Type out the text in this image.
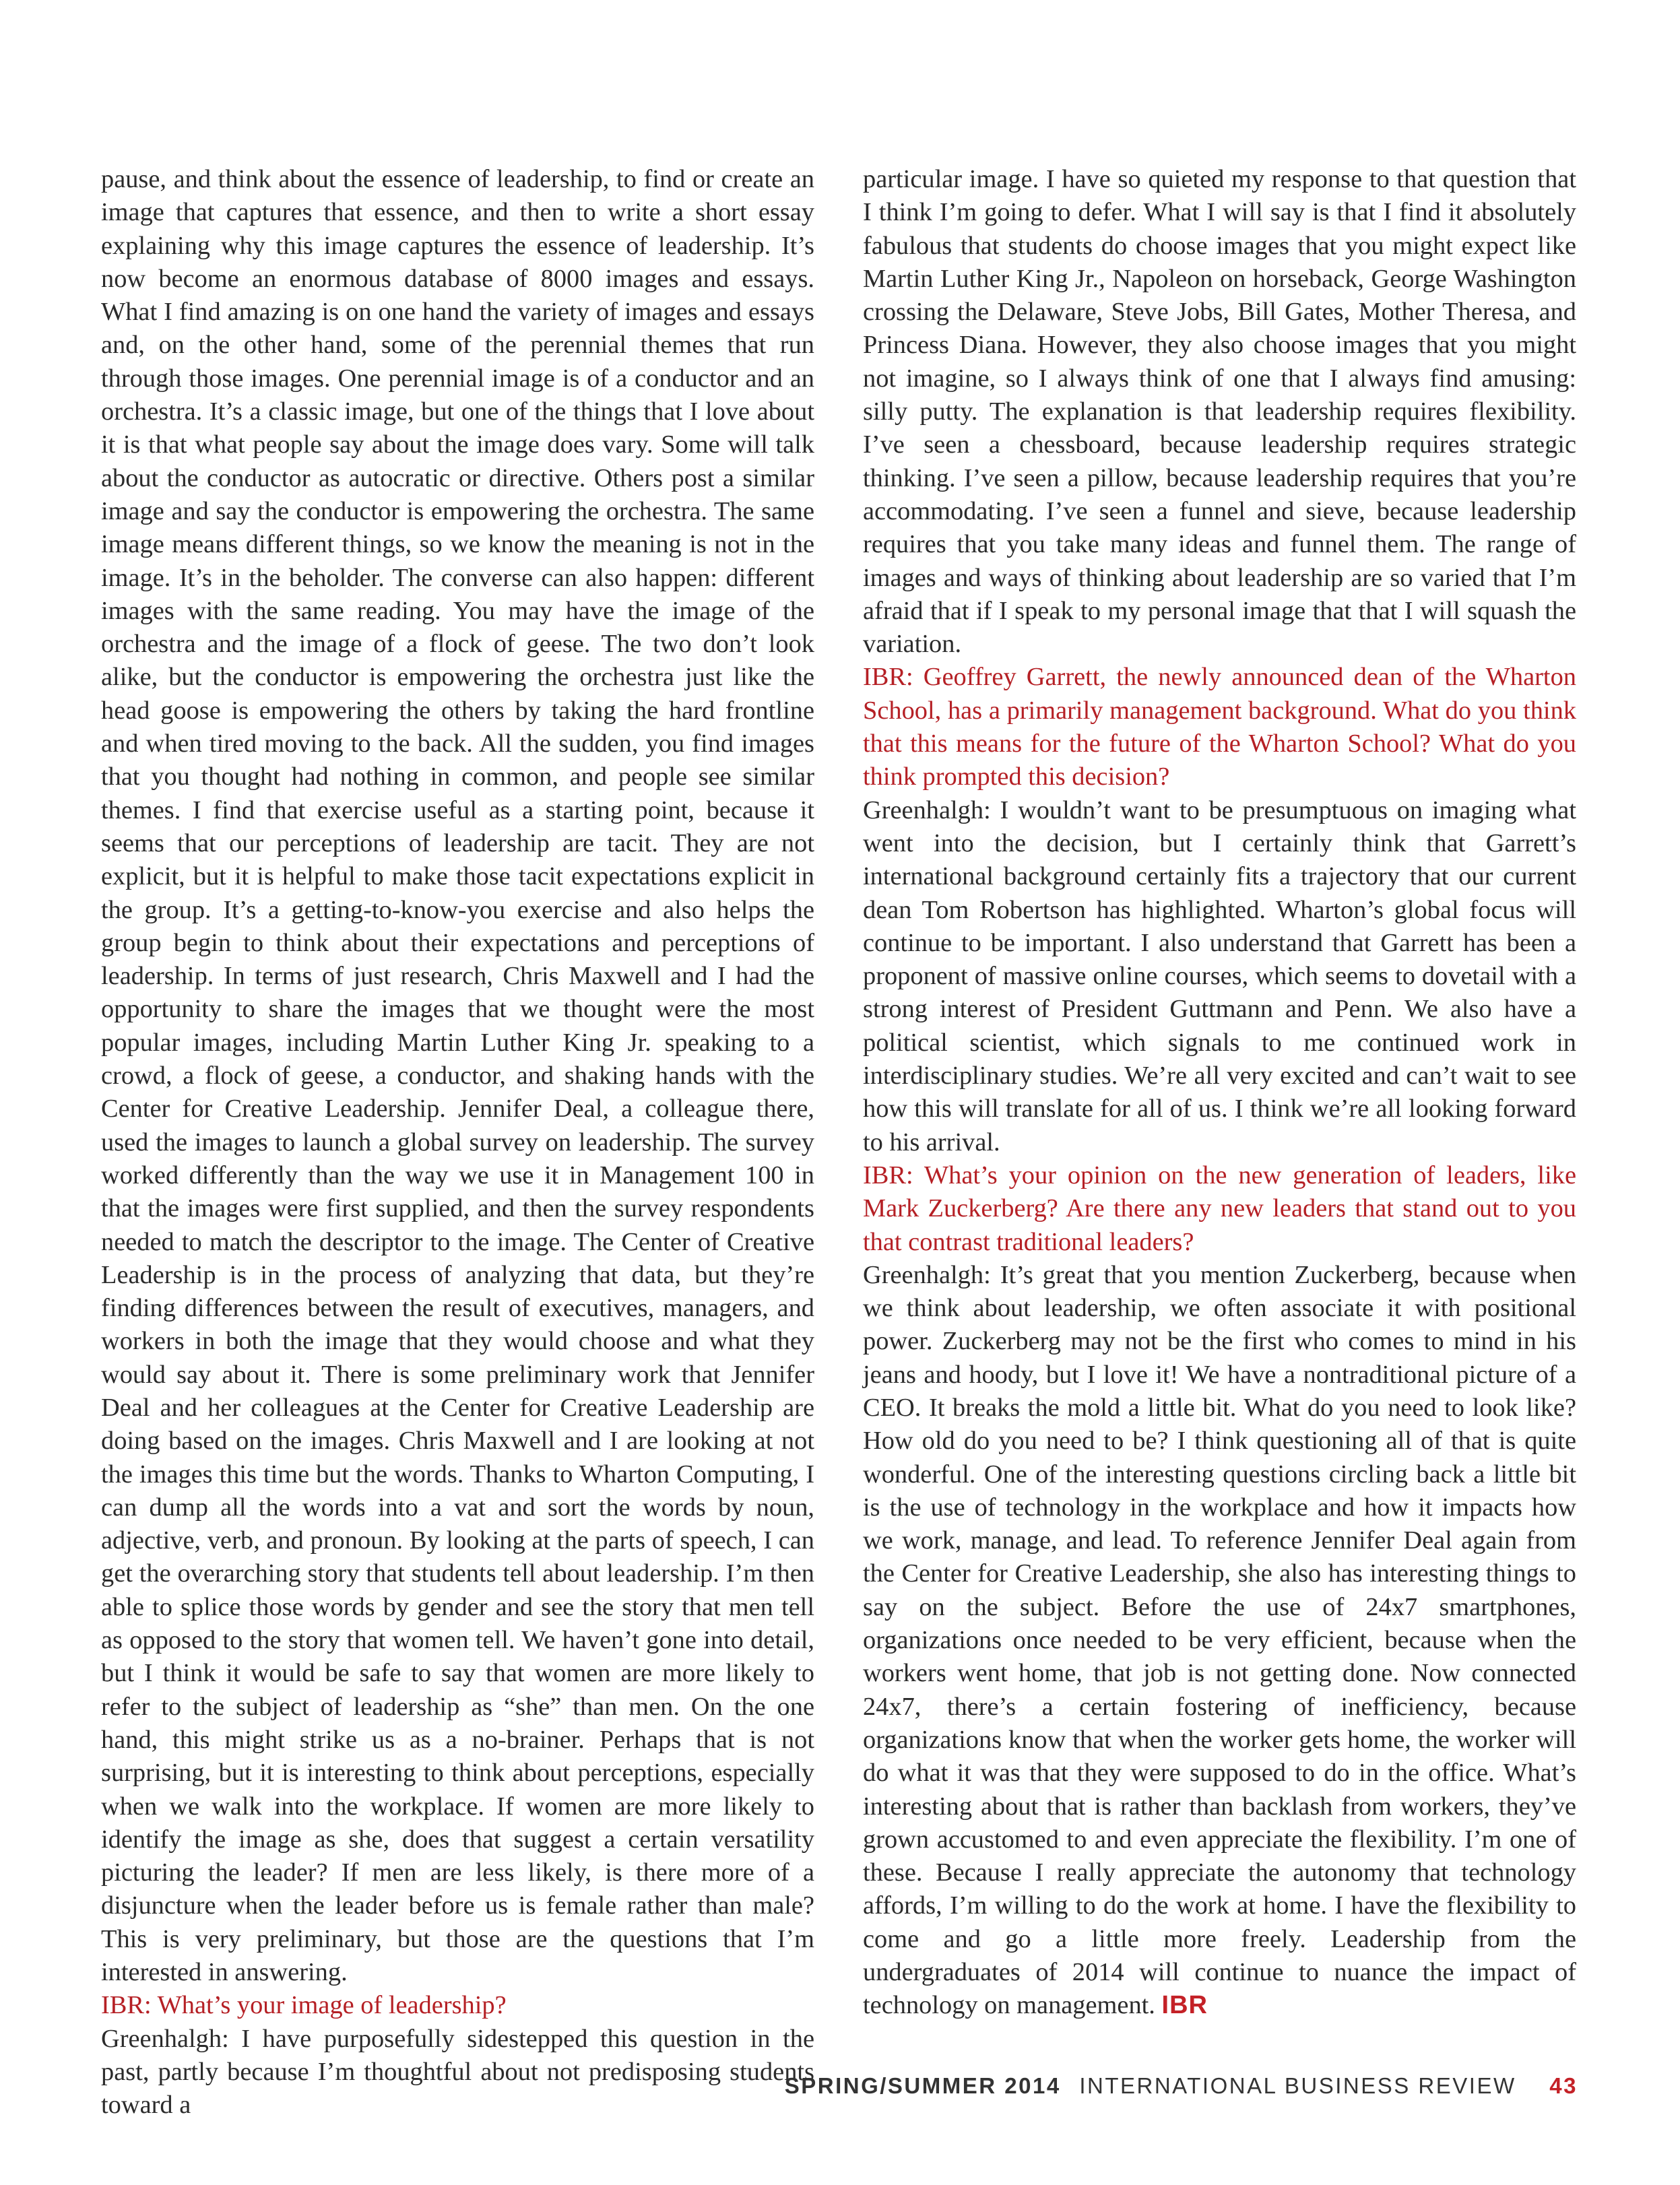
pause, and think about the essence of leadership, to find or create an image that captures that essence, and then to write a short essay explaining why this image captures the essence of leadership. It’s now become an enormous database of 8000 images and essays. What I find amazing is on one hand the variety of images and essays and, on the other hand, some of the perennial themes that run through those images. One perennial image is of a conductor and an orchestra. It’s a classic image, but one of the things that I love about it is that what people say about the image does vary. Some will talk about the conductor as autocratic or directive. Others post a similar image and say the conductor is empowering the orchestra. The same image means different things, so we know the meaning is not in the image. It’s in the beholder. The converse can also happen: different images with the same reading. You may have the image of the orchestra and the image of a flock of geese. The two don’t look alike, but the conductor is empowering the orchestra just like the head goose is empowering the others by taking the hard frontline and when tired moving to the back. All the sudden, you find images that you thought had nothing in common, and people see similar themes. I find that exercise useful as a starting point, because it seems that our perceptions of leadership are tacit. They are not explicit, but it is helpful to make those tacit expectations explicit in the group. It’s a getting-to-know-you exercise and also helps the group begin to think about their expectations and perceptions of leadership. In terms of just research, Chris Maxwell and I had the opportunity to share the images that we thought were the most popular images, including Martin Luther King Jr. speaking to a crowd, a flock of geese, a conductor, and shaking hands with the Center for Creative Leadership. Jennifer Deal, a colleague there, used the images to launch a global survey on leadership. The survey worked differently than the way we use it in Management 100 in that the images were first supplied, and then the survey respondents needed to match the descriptor to the image. The Center of Creative Leadership is in the process of analyzing that data, but they’re finding differences between the result of executives, managers, and workers in both the image that they would choose and what they would say about it. There is some preliminary work that Jennifer Deal and her colleagues at the Center for Creative Leadership are doing based on the images. Chris Maxwell and I are looking at not the images this time but the words. Thanks to Wharton Computing, I can dump all the words into a vat and sort the words by noun, adjective, verb, and pronoun. By looking at the parts of speech, I can get the overarching story that students tell about leadership. I’m then able to splice those words by gender and see the story that men tell as opposed to the story that women tell. We haven’t gone into detail, but I think it would be safe to say that women are more likely to refer to the subject of leadership as “she” than men. On the one hand, this might strike us as a no-brainer. Perhaps that is not surprising, but it is interesting to think about perceptions, especially when we walk into the workplace. If women are more likely to identify the image as she, does that suggest a certain versatility picturing the leader? If men are less likely, is there more of a disjuncture when the leader before us is female rather than male? This is very preliminary, but those are the questions that I’m interested in answering.

IBR: What’s your image of leadership?

Greenhalgh: I have purposefully sidestepped this question in the past, partly because I’m thoughtful about not predisposing students toward a

particular image. I have so quieted my response to that question that I think I’m going to defer. What I will say is that I find it absolutely fabulous that students do choose images that you might expect like Martin Luther King Jr., Napoleon on horseback, George Washington crossing the Delaware, Steve Jobs, Bill Gates, Mother Theresa, and Princess Diana. However, they also choose images that you might not imagine, so I always think of one that I always find amusing: silly putty. The explanation is that leadership requires flexibility. I’ve seen a chessboard, because leadership requires strategic thinking. I’ve seen a pillow, because leadership requires that you’re accommodating. I’ve seen a funnel and sieve, because leadership requires that you take many ideas and funnel them. The range of images and ways of thinking about leadership are so varied that I’m afraid that if I speak to my personal image that that I will squash the variation.

IBR: Geoffrey Garrett, the newly announced dean of the Wharton School, has a primarily management background. What do you think that this means for the future of the Wharton School? What do you think prompted this decision?

Greenhalgh: I wouldn’t want to be presumptuous on imaging what went into the decision, but I certainly think that Garrett’s international background certainly fits a trajectory that our current dean Tom Robertson has highlighted. Wharton’s global focus will continue to be important. I also understand that Garrett has been a proponent of massive online courses, which seems to dovetail with a strong interest of President Guttmann and Penn. We also have a political scientist, which signals to me continued work in interdisciplinary studies. We’re all very excited and can’t wait to see how this will translate for all of us. I think we’re all looking forward to his arrival.

IBR: What’s your opinion on the new generation of leaders, like Mark Zuckerberg? Are there any new leaders that stand out to you that contrast traditional leaders?

Greenhalgh: It’s great that you mention Zuckerberg, because when we think about leadership, we often associate it with positional power. Zuckerberg may not be the first who comes to mind in his jeans and hoody, but I love it! We have a nontraditional picture of a CEO. It breaks the mold a little bit. What do you need to look like? How old do you need to be? I think questioning all of that is quite wonderful. One of the interesting questions circling back a little bit is the use of technology in the workplace and how it impacts how we work, manage, and lead. To reference Jennifer Deal again from the Center for Creative Leadership, she also has interesting things to say on the subject. Before the use of 24x7 smartphones, organizations once needed to be very efficient, because when the workers went home, that job is not getting done. Now connected 24x7, there’s a certain fostering of inefficiency, because organizations know that when the worker gets home, the worker will do what it was that they were supposed to do in the office. What’s interesting about that is rather than backlash from workers, they’ve grown accustomed to and even appreciate the flexibility. I’m one of these. Because I really appreciate the autonomy that technology affords, I’m willing to do the work at home. I have the flexibility to come and go a little more freely. Leadership from the undergraduates of 2014 will continue to nuance the impact of technology on management. IBR

SPRING/SUMMER 2014 INTERNATIONAL BUSINESS REVIEW 43
